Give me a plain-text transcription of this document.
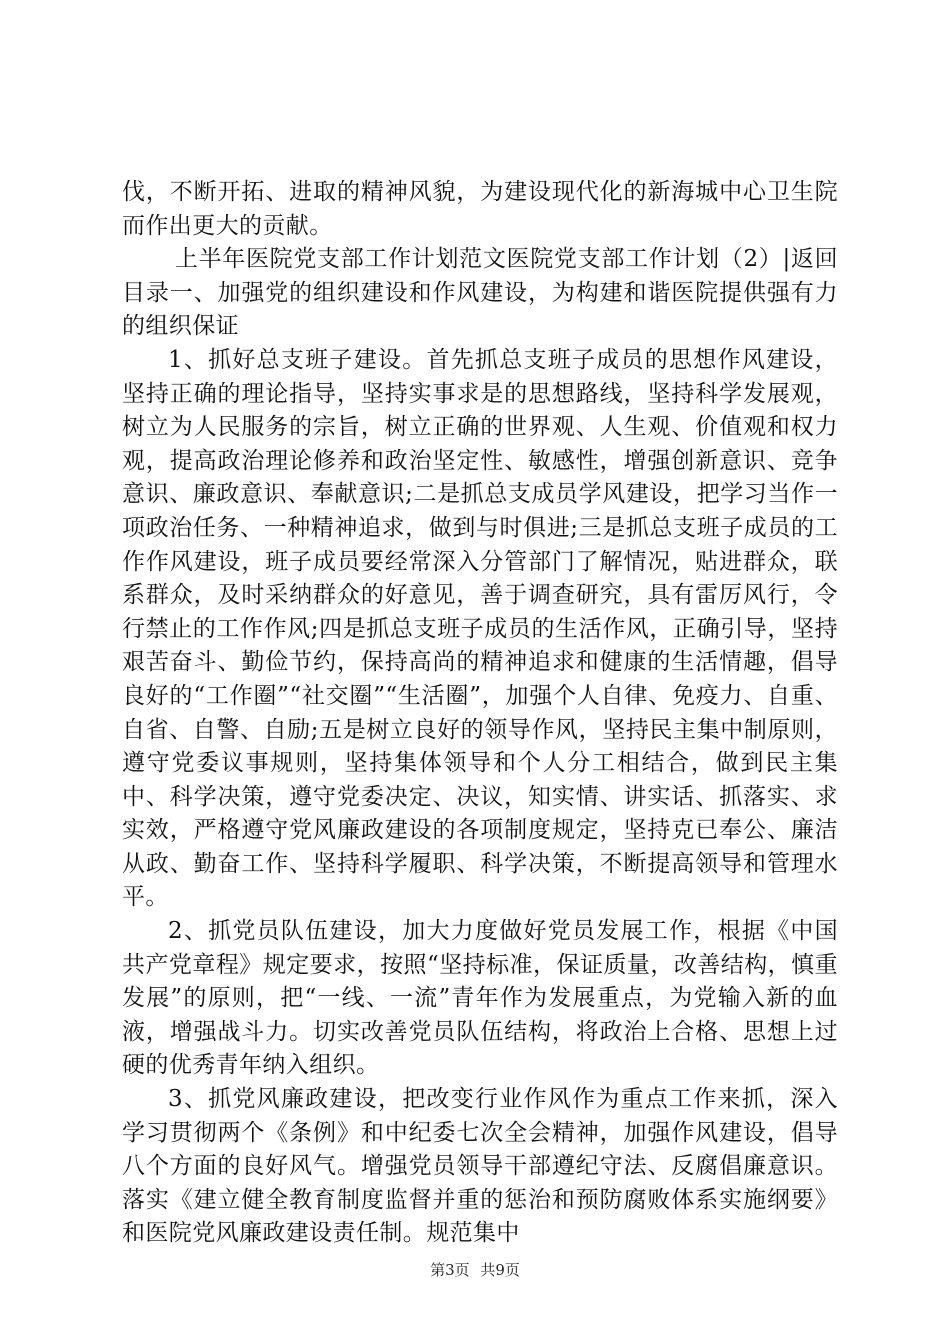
伐，不断开拓、进取的精神风貌，为建设现代化的新海城中心卫生院而作出更大的贡献。

上半年医院党支部工作计划范文医院党支部工作计划（2）|返回目录一、加强党的组织建设和作风建设，为构建和谐医院提供强有力的组织保证

1、抓好总支班子建设。首先抓总支班子成员的思想作风建设，坚持正确的理论指导，坚持实事求是的思想路线，坚持科学发展观，树立为人民服务的宗旨，树立正确的世界观、人生观、价值观和权力观，提高政治理论修养和政治坚定性、敏感性，增强创新意识、竞争意识、廉政意识、奉献意识;二是抓总支成员学风建设，把学习当作一项政治任务、一种精神追求，做到与时俱进;三是抓总支班子成员的工作作风建设，班子成员要经常深入分管部门了解情况，贴进群众，联系群众，及时采纳群众的好意见，善于调查研究，具有雷厉风行，令行禁止的工作作风;四是抓总支班子成员的生活作风，正确引导，坚持艰苦奋斗、勤俭节约，保持高尚的精神追求和健康的生活情趣，倡导良好的“工作圈”“社交圈”“生活圈”，加强个人自律、免疫力、自重、自省、自警、自励;五是树立良好的领导作风，坚持民主集中制原则，遵守党委议事规则，坚持集体领导和个人分工相结合，做到民主集中、科学决策，遵守党委决定、决议，知实情、讲实话、抓落实、求实效，严格遵守党风廉政建设的各项制度规定，坚持克已奉公、廉洁从政、勤奋工作、坚持科学履职、科学决策，不断提高领导和管理水平。

2、抓党员队伍建设，加大力度做好党员发展工作，根据《中国共产党章程》规定要求，按照“坚持标准，保证质量，改善结构，慎重发展”的原则，把“一线、一流”青年作为发展重点，为党输入新的血液，增强战斗力。切实改善党员队伍结构，将政治上合格、思想上过硬的优秀青年纳入组织。

3、抓党风廉政建设，把改变行业作风作为重点工作来抓，深入学习贯彻两个《条例》和中纪委七次全会精神，加强作风建设，倡导八个方面的良好风气。增强党员领导干部遵纪守法、反腐倡廉意识。落实《建立健全教育制度监督并重的惩治和预防腐败体系实施纲要》和医院党风廉政建设责任制。规范集中

第3页 共9页
